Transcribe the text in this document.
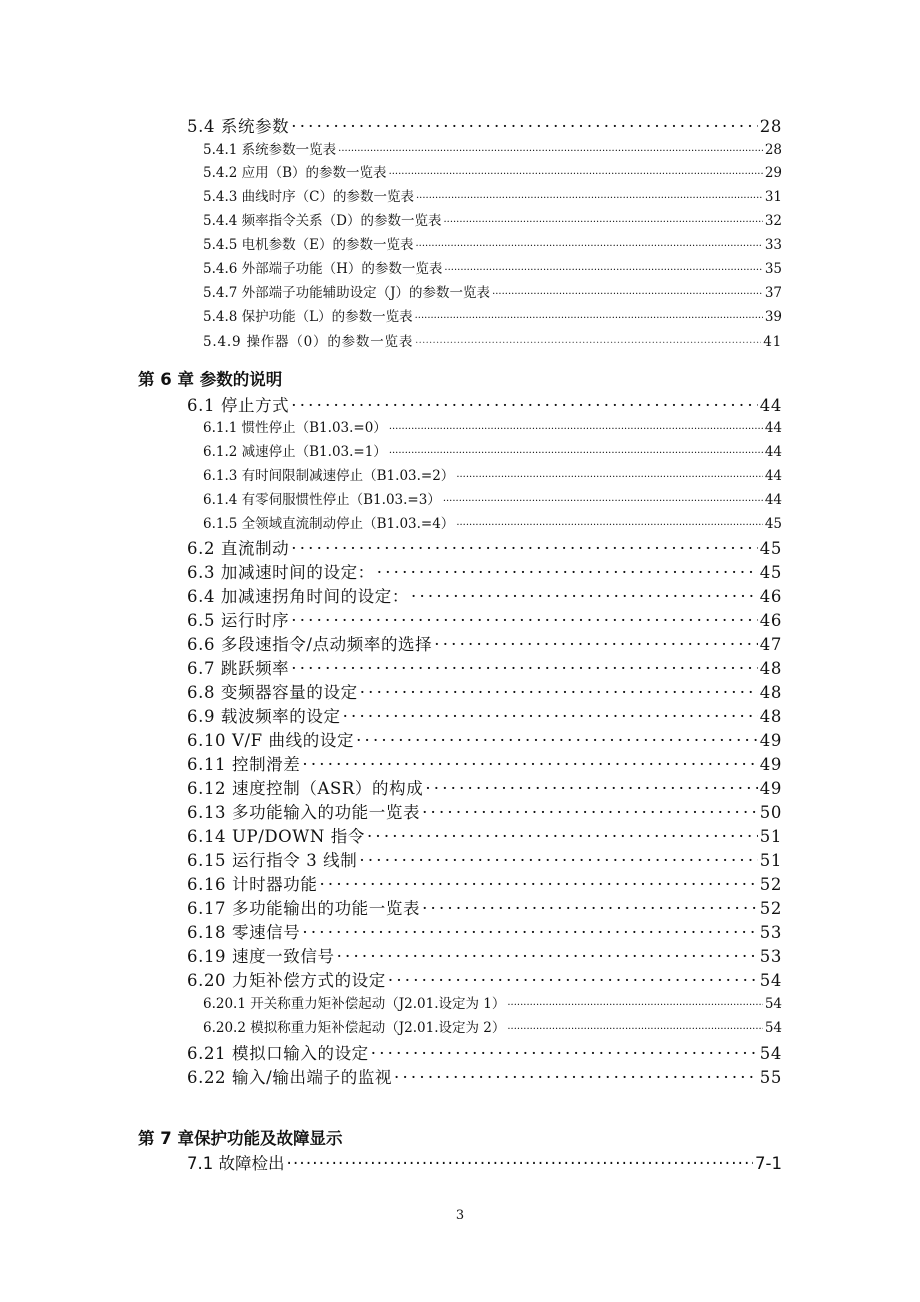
5.4 系统参数 ·····	28
5.4.1 系统参数一览表 ·····	28
5.4.2 应用（B）的参数一览表 ·····	29
5.4.3 曲线时序（C）的参数一览表 ·····	31
5.4.4 频率指令关系（D）的参数一览表 ·····	32
5.4.5 电机参数（E）的参数一览表 ·····	33
5.4.6 外部端子功能（H）的参数一览表 ·····	35
5.4.7 外部端子功能辅助设定（J）的参数一览表 ·····	37
5.4.8 保护功能（L）的参数一览表 ·····	39
5.4.9 操作器（0）的参数一览表 ·····	41
第 6 章 参数的说明
6.1 停止方式 ·····	44
6.1.1 惯性停止（B1.03.=0） ·····	44
6.1.2 减速停止（B1.03.=1） ·····	44
6.1.3 有时间限制减速停止（B1.03.=2） ·····	44
6.1.4 有零伺服惯性停止（B1.03.=3） ·····	44
6.1.5 全领域直流制动停止（B1.03.=4） ·····	45
6.2 直流制动 ·····	45
6.3 加减速时间的设定： ·····	45
6.4 加减速拐角时间的设定： ·····	46
6.5 运行时序 ·····	46
6.6 多段速指令/点动频率的选择 ·····	47
6.7 跳跃频率 ·····	48
6.8 变频器容量的设定 ·····	48
6.9 载波频率的设定 ·····	48
6.10 V/F 曲线的设定 ·····	49
6.11 控制滑差 ·····	49
6.12 速度控制（ASR）的构成 ·····	49
6.13 多功能输入的功能一览表 ·····	50
6.14 UP/DOWN 指令 ·····	51
6.15 运行指令 3 线制 ·····	51
6.16 计时器功能 ·····	52
6.17 多功能输出的功能一览表 ·····	52
6.18 零速信号 ·····	53
6.19 速度一致信号 ·····	53
6.20 力矩补偿方式的设定 ·····	54
6.20.1 开关称重力矩补偿起动（J2.01.设定为 1） ·····	54
6.20.2 模拟称重力矩补偿起动（J2.01.设定为 2） ·····	54
6.21 模拟口输入的设定 ·····	54
6.22 输入/输出端子的监视 ·····	55
第 7 章保护功能及故障显示
7.1 故障检出 ·····	7-1
3
